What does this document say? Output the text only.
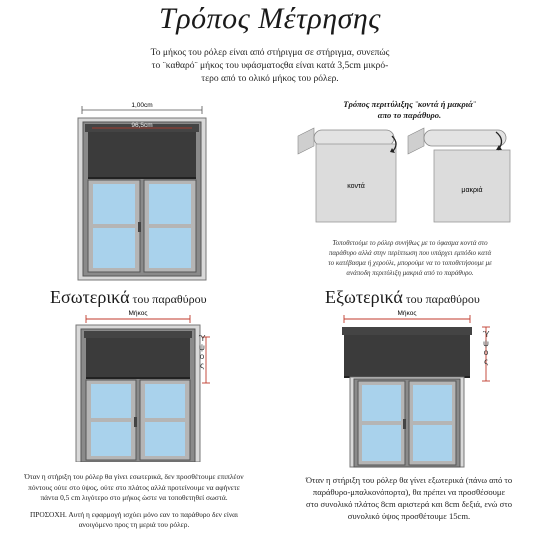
Τρόπος Μέτρησης
Το μήκος του ρόλερ είναι από στήριγμα σε στήριγμα, συνεπώς
το ¨καθαρό¨ μήκος του υφάσματοςθα είναι κατά 3,5cm μικρό-
τερο από το ολικό μήκος του ρόλερ.
1,00cm
96,5cm
Τρόπος περιτύλιξης ¨κοντά ή μακριά¨
απο το παράθυρο.
κοντά
μακριά
Τοποθετούμε το ρόλερ συνήθως με το ύφασμα κοντά στο
παράθυρο αλλά στην περίπτωση που υπάρχει εμπόδιο κατά
το κατέβασμα ή χερούλι, μπορούμε να το τοποθετήσουμε με
ανάποδη περιτύλιξη μακριά από το παράθυρο.
Εσωτερικά του παραθύρου	Εξωτερικά του παραθύρου
Μήκος
Ύ
ψ
ο
ς
Μήκος
Ύ
ψ
ο
ς
Όταν η στήριξη του ρόλερ θα γίνει εσωτερικά, δεν προσθέτουμε επιπλέον
πόντους ούτε στο ύψος, ούτε στο πλάτος αλλά προτείνουμε να αφήνετε
πάντα 0,5 cm λιγότερο στο μήκος ώστε να τοποθετηθεί σωστά.
ΠΡΟΣΟΧΗ. Αυτή η εφαρμογή ισχύει μόνο εαν το παράθυρο δεν είναι
ανοιγόμενο προς τη μεριά του ρόλερ.
Όταν η στήριξη του ρόλερ θα γίνει εξωτερικά (πάνω από το
παράθυρο-μπαλκονόπορτα), θα πρέπει να προσθέσουμε
στο συνολικό πλάτος 8cm αριστερά και 8cm δεξιά, ενώ στο
συνολικό ύψος προσθέτουμε 15cm.
